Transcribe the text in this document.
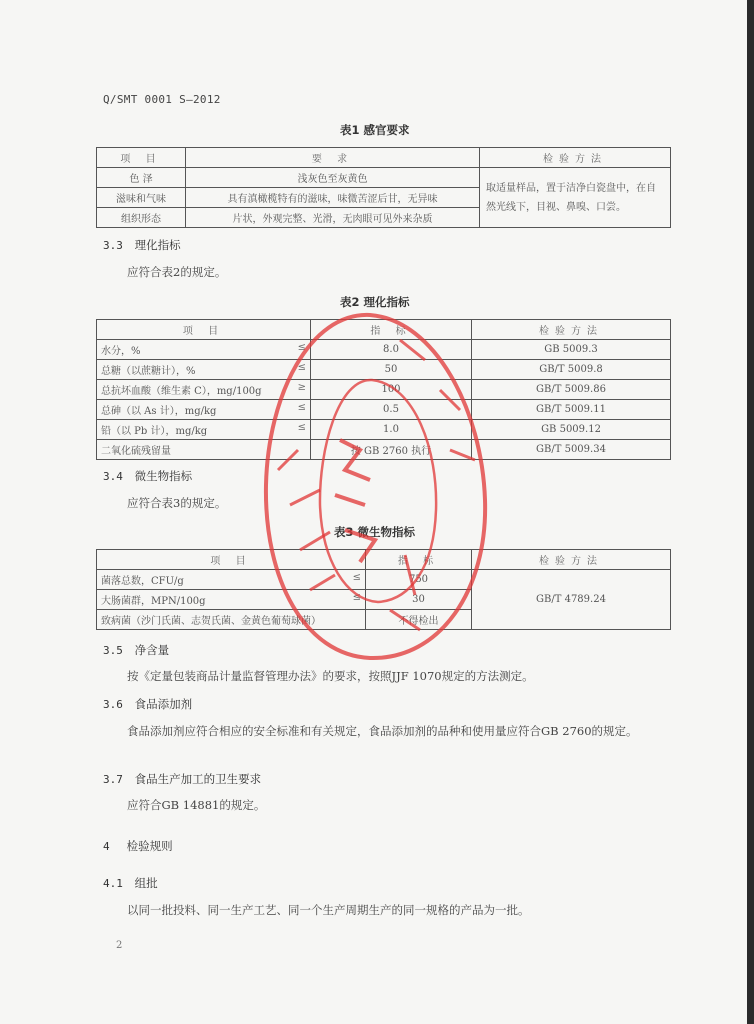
Q/SMT 0001 S—2012
表1 感官要求
项 目	要 求	检验方法
色 泽	浅灰色至灰黄色	取适量样品，置于洁净白瓷盘中，在自然光线下，目视、鼻嗅、口尝。
滋味和气味	具有滇橄榄特有的滋味，味微苦涩后甘，无异味	
组织形态	片状，外观完整、光滑，无肉眼可见外来杂质	
3.3 理化指标
应符合表2的规定。
表2 理化指标
项 目	指 标	检验方法
水分，% ≤	8.0	GB 5009.3
总糖（以蔗糖计），% ≤	50	GB/T 5009.8
总抗坏血酸（维生素 C），mg/100g ≥	100	GB/T 5009.86
总砷（以 As 计），mg/kg ≤	0.5	GB/T 5009.11
铅（以 Pb 计），mg/kg ≤	1.0	GB 5009.12
二氧化硫残留量	按 GB 2760 执行	GB/T 5009.34
3.4 微生物指标
应符合表3的规定。
表3 微生物指标
项 目	指 标	检验方法
菌落总数，CFU/g ≤	750	GB/T 4789.24
大肠菌群，MPN/100g ≤	30	
致病菌（沙门氏菌、志贺氏菌、金黄色葡萄球菌）	不得检出	
3.5 净含量
按《定量包装商品计量监督管理办法》的要求，按照JJF 1070规定的方法测定。
3.6 食品添加剂
食品添加剂应符合相应的安全标准和有关规定，食品添加剂的品种和使用量应符合GB 2760的规定。
3.7 食品生产加工的卫生要求
应符合GB 14881的规定。
4 检验规则
4.1 组批
以同一批投料、同一生产工艺、同一个生产周期生产的同一规格的产品为一批。
2
